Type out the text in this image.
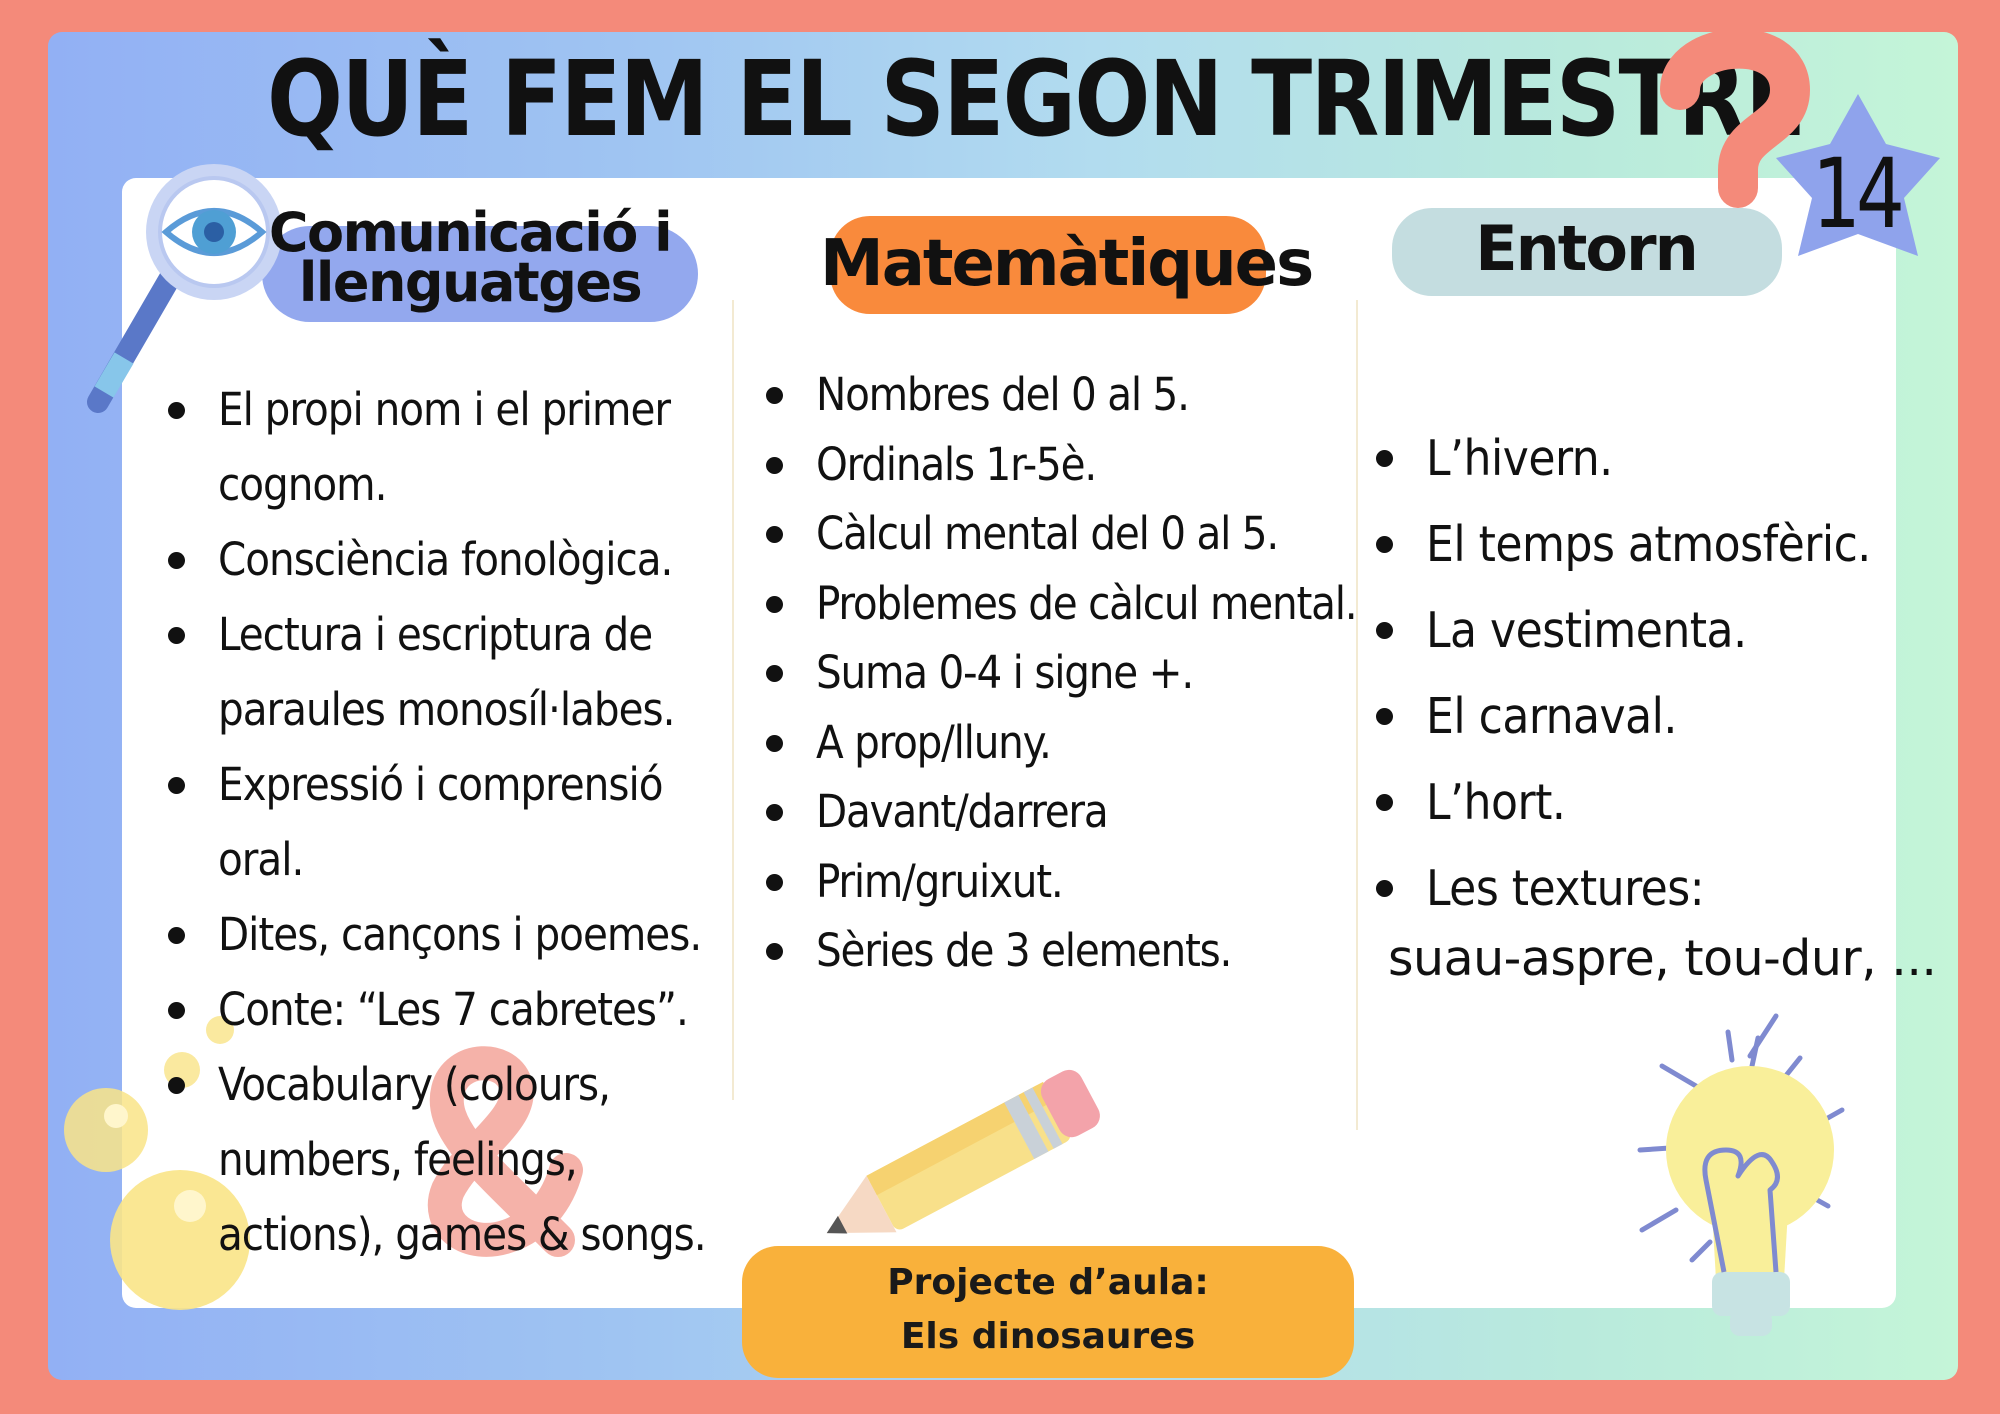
QUÈ FEM EL SEGON TRIMESTRE
14
Comunicació i
llenguatges	Matemàtiques	Entorn
El propi nom i el primer
cognom.
Consciència fonològica.
Lectura i escriptura de
paraules monosíl·labes.
Expressió i comprensió
oral.
Dites, cançons i poemes.
Conte: “Les 7 cabretes”.
Vocabulary (colours,
numbers, feelings,
actions), games & songs.
Nombres del 0 al 5.
Ordinals 1r-5è.
Càlcul mental del 0 al 5.
Problemes de càlcul mental.
Suma 0-4 i signe +.
A prop/lluny.
Davant/darrera
Prim/gruixut.
Sèries de 3 elements.
L’hivern.
El temps atmosfèric.
La vestimenta.
El carnaval.
L’hort.
Les textures:
suau-aspre, tou-dur, ...
Projecte d’aula:
Els dinosaures
